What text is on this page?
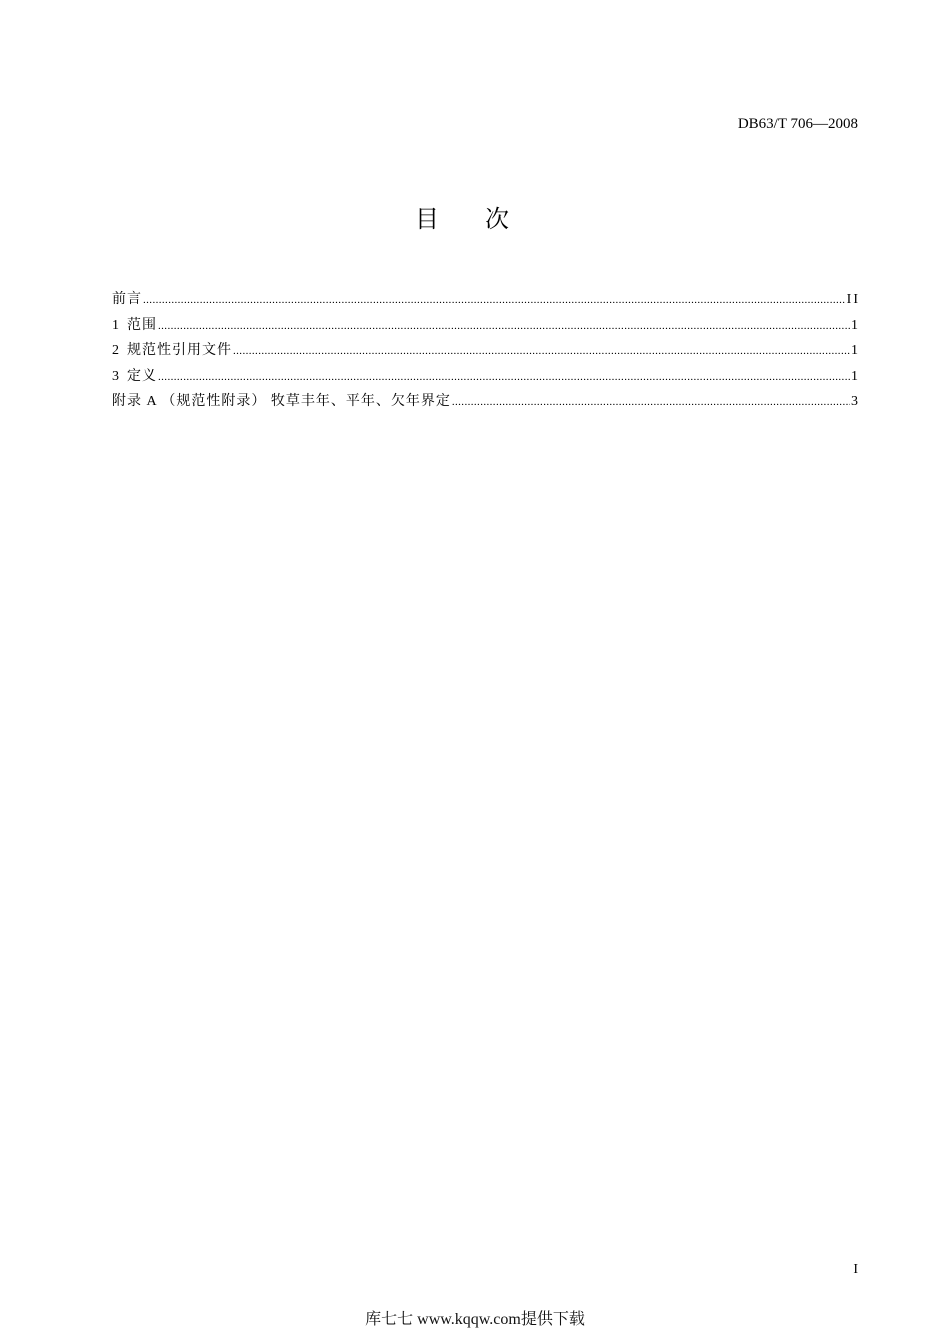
DB63/T 706—2008
目次
前言 .....	II
1 范围 .....	1
2 规范性引用文件 .....	1
3 定义 .....	1
附录 A （规范性附录） 牧草丰年、平年、欠年界定 .....	3
I
库七七 www.kqqw.com提供下载
